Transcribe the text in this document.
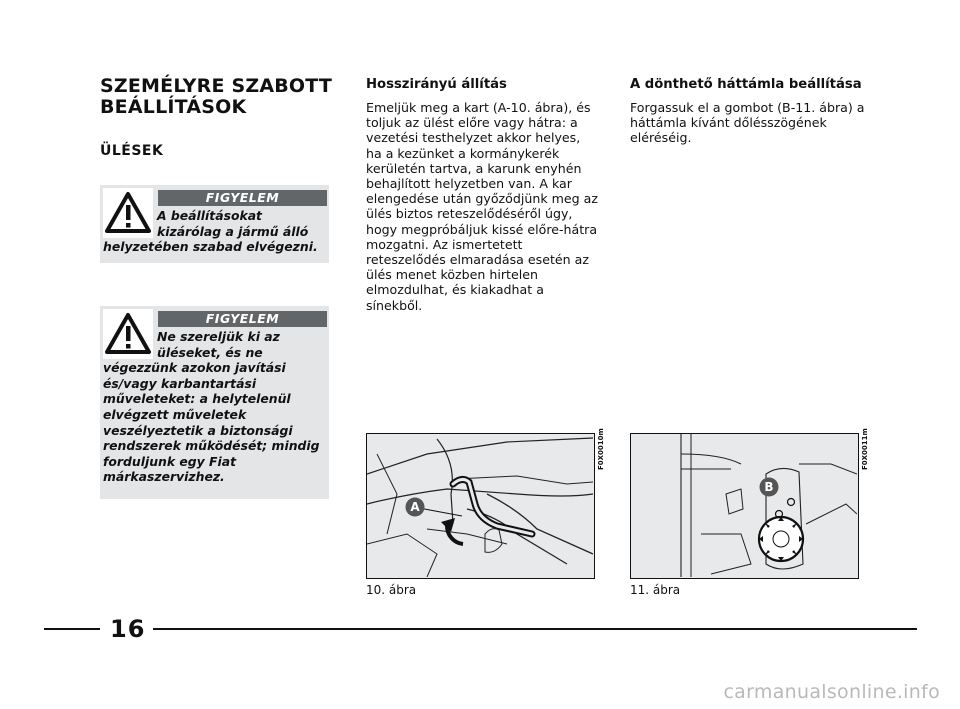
SZEMÉLYRE SZABOTT
BEÁLLÍTÁSOK
ÜLÉSEK
FIGYELEM
A beállításokat kizárólag a jármű álló helyzetében szabad elvégezni.
FIGYELEM
Ne szereljük ki az üléseket, és ne végezzünk azokon javítási és/vagy karbantartási műveleteket: a helytelenül elvégzett műveletek veszélyeztetik a biztonsági rendszerek működését; mindig forduljunk egy Fiat márkaszervizhez.
Hosszirányú állítás
Emeljük meg a kart (A-10. ábra), és toljuk az ülést előre vagy hátra: a vezetési testhelyzet akkor helyes, ha a kezünket a kormánykerék kerületén tartva, a karunk enyhén behajlított helyzetben van. A kar elengedése után győződjünk meg az ülés biztos reteszelődéséről úgy, hogy megpróbáljuk kissé előre-hátra mozgatni. Az ismertetett reteszelődés elmaradása esetén az ülés menet közben hirtelen elmozdulhat, és kiakadhat a sínekből.
A dönthető háttámla beállítása
Forgassuk el a gombot (B-11. ábra) a háttámla kívánt dőlésszögének eléréséig.
A
F0X0010m
10. ábra
B
F0X0011m
11. ábra
16
carmanualsonline.info
